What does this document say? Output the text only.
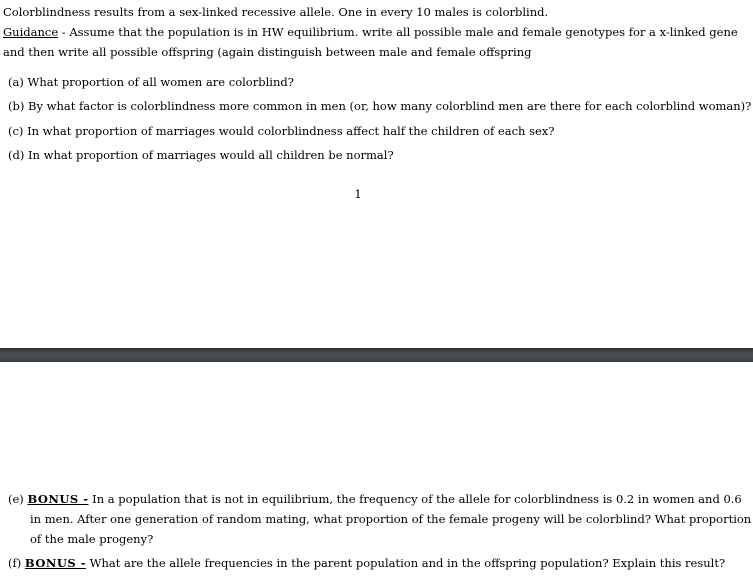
Colorblindness results from a sex-linked recessive allele. One in every 10 males is colorblind.
Guidance - Assume that the population is in HW equilibrium. write all possible male and female genotypes for a x-linked gene
and then write all possible offspring (again distinguish between male and female offspring
(a) What proportion of all women are colorblind?
(b) By what factor is colorblindness more common in men (or, how many colorblind men are there for each colorblind woman)?
(c) In what proportion of marriages would colorblindness affect half the children of each sex?
(d) In what proportion of marriages would all children be normal?
1
(e) BONUS - In a population that is not in equilibrium, the frequency of the allele for colorblindness is 0.2 in women and 0.6
in men. After one generation of random mating, what proportion of the female progeny will be colorblind? What proportion
of the male progeny?
(f) BONUS - What are the allele frequencies in the parent population and in the offspring population? Explain this result?
